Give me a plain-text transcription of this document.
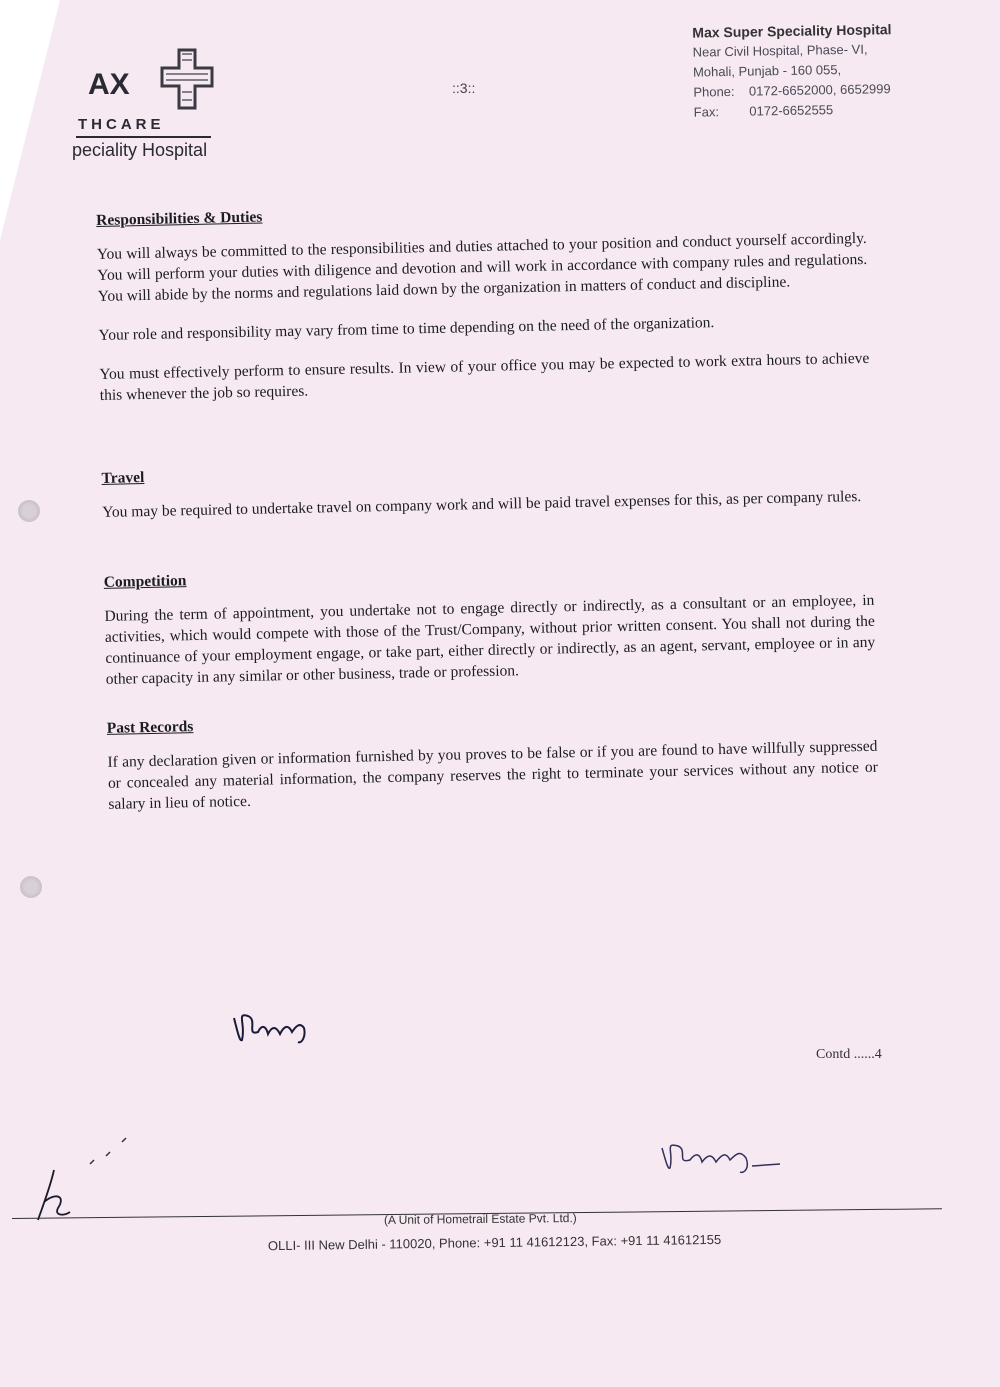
AX
THCARE
peciality Hospital
::3::
Max Super Speciality Hospital
Near Civil Hospital, Phase- VI,
Mohali, Punjab - 160 055,
Phone: 0172-6652000, 6652999
Fax: 0172-6652555
Responsibilities & Duties

You will always be committed to the responsibilities and duties attached to your position and conduct yourself accordingly. You will perform your duties with diligence and devotion and will work in accordance with company rules and regulations. You will abide by the norms and regulations laid down by the organization in matters of conduct and discipline.

Your role and responsibility may vary from time to time depending on the need of the organization.

You must effectively perform to ensure results. In view of your office you may be expected to work extra hours to achieve this whenever the job so requires.

Travel

You may be required to undertake travel on company work and will be paid travel expenses for this, as per company rules.

Competition

During the term of appointment, you undertake not to engage directly or indirectly, as a consultant or an employee, in activities, which would compete with those of the Trust/Company, without prior written consent. You shall not during the continuance of your employment engage, or take part, either directly or indirectly, as an agent, servant, employee or in any other capacity in any similar or other business, trade or profession.

Past Records

If any declaration given or information furnished by you proves to be false or if you are found to have willfully suppressed or concealed any material information, the company reserves the right to terminate your services without any notice or salary in lieu of notice.

Contd ......4
(A Unit of Hometrail Estate Pvt. Ltd.)
OLLI- III New Delhi - 110020, Phone: +91 11 41612123, Fax: +91 11 41612155
